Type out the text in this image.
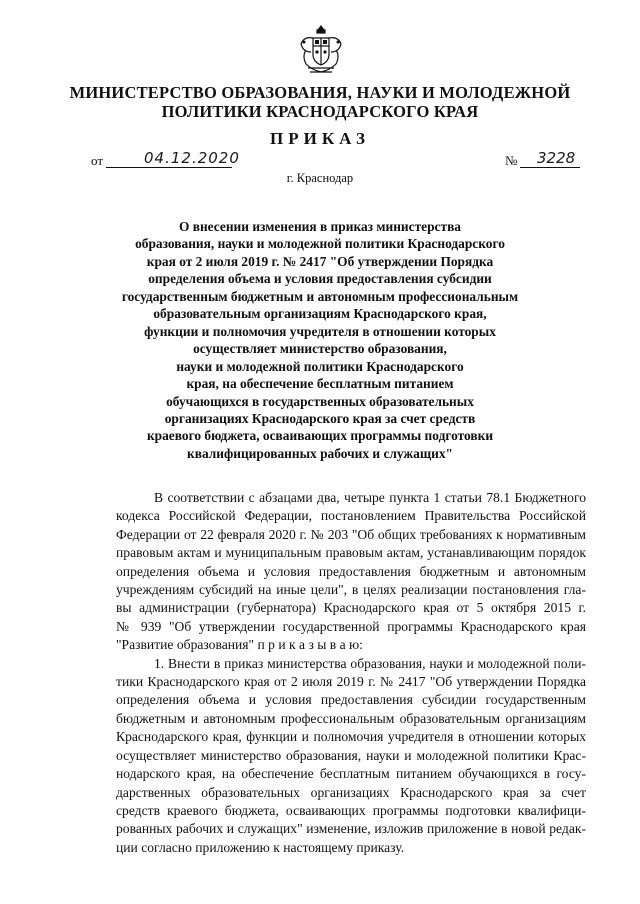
МИНИСТЕРСТВО ОБРАЗОВАНИЯ, НАУКИ И МОЛОДЕЖНОЙ
ПОЛИТИКИ КРАСНОДАРСКОГО КРАЯ
ПРИКАЗ
от	04.12.2020	№ 3228
г. Краснодар
О внесении изменения в приказ министерства
образования, науки и молодежной политики Краснодарского
края от 2 июля 2019 г. № 2417 "Об утверждении Порядка
определения объема и условия предоставления субсидии
государственным бюджетным и автономным профессиональным
образовательным организациям Краснодарского края,
функции и полномочия учредителя в отношении которых
осуществляет министерство образования,
науки и молодежной политики Краснодарского
края, на обеспечение бесплатным питанием
обучающихся в государственных образовательных
организациях Краснодарского края за счет средств
краевого бюджета, осваивающих программы подготовки
квалифицированных рабочих и служащих"
В соответствии с абзацами два, четыре пункта 1 статьи 78.1 Бюджетного
кодекса Российской Федерации, постановлением Правительства Российской
Федерации от 22 февраля 2020 г. № 203 "Об общих требованиях к нормативным
правовым актам и муниципальным правовым актам, устанавливающим порядок
определения объема и условия предоставления бюджетным и автономным
учреждениям субсидий на иные цели", в целях реализации постановления гла-
вы администрации (губернатора) Краснодарского края от 5 октября 2015 г.
№ 939 "Об утверждении государственной программы Краснодарского края
"Развитие образования" п р и к а з ы в а ю:
1. Внести в приказ министерства образования, науки и молодежной поли-
тики Краснодарского края от 2 июля 2019 г. № 2417 "Об утверждении Порядка
определения объема и условия предоставления субсидии государственным
бюджетным и автономным профессиональным образовательным организациям
Краснодарского края, функции и полномочия учредителя в отношении которых
осуществляет министерство образования, науки и молодежной политики Крас-
нодарского края, на обеспечение бесплатным питанием обучающихся в госу-
дарственных образовательных организациях Краснодарского края за счет
средств краевого бюджета, осваивающих программы подготовки квалифици-
рованных рабочих и служащих" изменение, изложив приложение в новой редак-
ции согласно приложению к настоящему приказу.
